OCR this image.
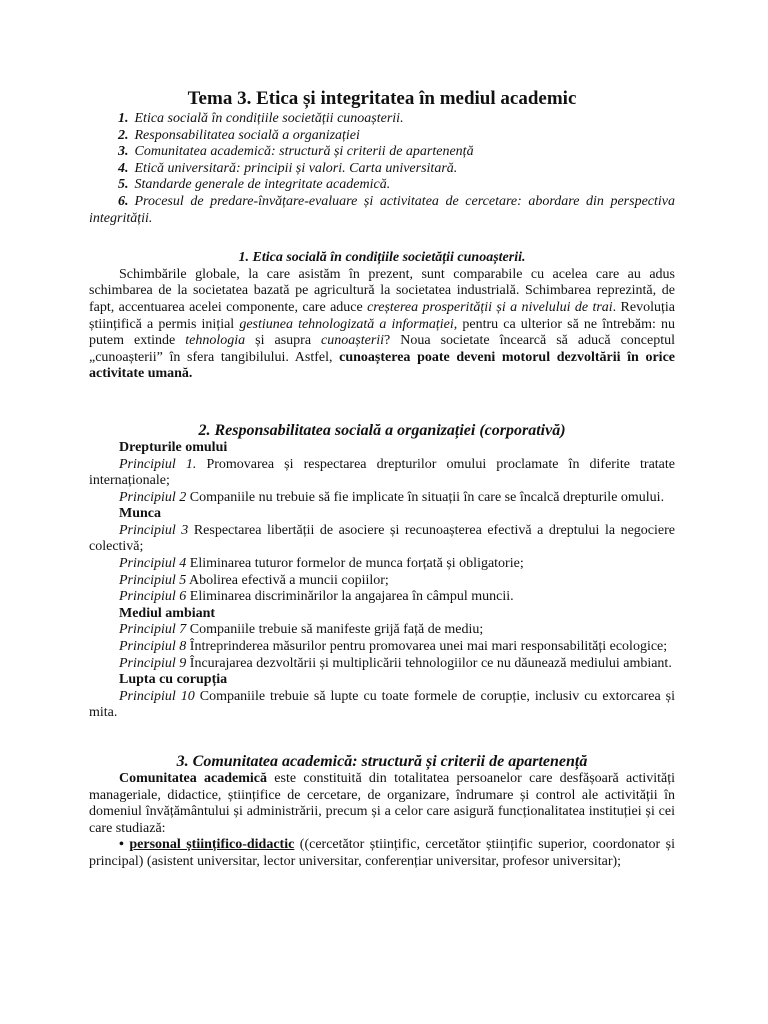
Tema 3. Etica și integritatea în mediul academic
1. Etica socială în condițiile societății cunoașterii.
2. Responsabilitatea socială a organizației
3. Comunitatea academică: structură și criterii de apartenență
4. Etică universitară: principii și valori. Carta universitară.
5. Standarde generale de integritate academică.
6. Procesul de predare-învățare-evaluare și activitatea de cercetare: abordare din perspectiva integrității.
1. Etica socială în condițiile societății cunoașterii.
Schimbările globale, la care asistăm în prezent, sunt comparabile cu acelea care au adus schimbarea de la societatea bazată pe agricultură la societatea industrială. Schimbarea reprezintă, de fapt, accentuarea acelei componente, care aduce creșterea prosperității și a nivelului de trai. Revoluția științifică a permis inițial gestiunea tehnologizată a informației, pentru ca ulterior să ne întrebăm: nu putem extinde tehnologia și asupra cunoașterii? Noua societate încearcă să aducă conceptul „cunoașterii” în sfera tangibilului. Astfel, cunoașterea poate deveni motorul dezvoltării în orice activitate umană.
2. Responsabilitatea socială a organizației (corporativă)
Drepturile omului
Principiul 1. Promovarea și respectarea drepturilor omului proclamate în diferite tratate internaționale;
Principiul 2 Companiile nu trebuie să fie implicate în situații în care se încalcă drepturile omului.
Munca
Principiul 3 Respectarea libertății de asociere și recunoașterea efectivă a dreptului la negociere colectivă;
Principiul 4 Eliminarea tuturor formelor de munca forțată și obligatorie;
Principiul 5 Abolirea efectivă a muncii copiilor;
Principiul 6 Eliminarea discriminărilor la angajarea în câmpul muncii.
Mediul ambiant
Principiul 7 Companiile trebuie să manifeste grijă față de mediu;
Principiul 8 Întreprinderea măsurilor pentru promovarea unei mai mari responsabilități ecologice;
Principiul 9 Încurajarea dezvoltării și multiplicării tehnologiilor ce nu dăunează mediului ambiant.
Lupta cu corupția
Principiul 10 Companiile trebuie să lupte cu toate formele de corupție, inclusiv cu extorcarea și mita.
3. Comunitatea academică: structură și criterii de apartenență
Comunitatea academică este constituită din totalitatea persoanelor care desfășoară activități manageriale, didactice, științifice de cercetare, de organizare, îndrumare și control ale activității în domeniul învățământului și administrării, precum și a celor care asigură funcționalitatea instituției și cei care studiază:
• personal științifico-didactic ((cercetător științific, cercetător științific superior, coordonator și principal) (asistent universitar, lector universitar, conferențiar universitar, profesor universitar);
